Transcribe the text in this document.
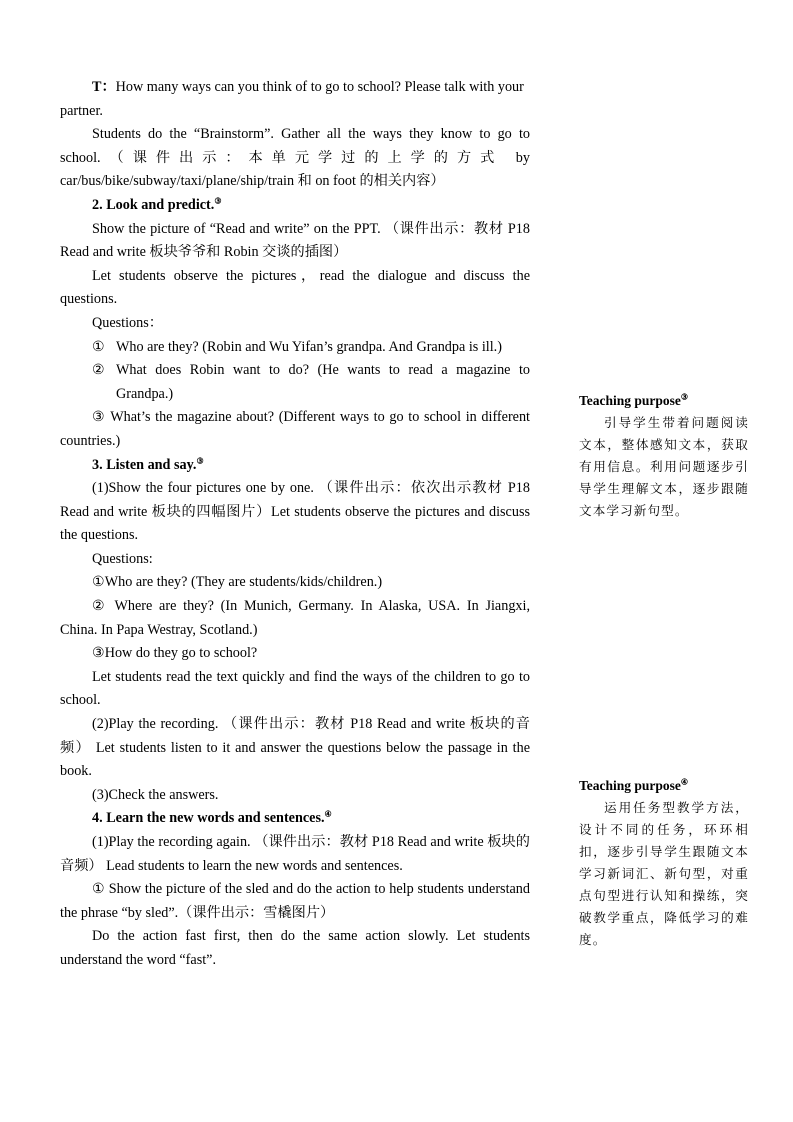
T：How many ways can you think of to go to school? Please talk with your partner.

Students do the “Brainstorm”. Gather all the ways they know to go to school.（课件出示：本单元学过的上学的方式 by car/bus/bike/subway/taxi/plane/ship/train 和 on foot 的相关内容）

2. Look and predict.③

Show the picture of “Read and write” on the PPT. （课件出示：教材 P18 Read and write 板块爷爷和 Robin 交谈的插图）

Let students observe the pictures，read the dialogue and discuss the questions.

Questions：

① Who are they? (Robin and Wu Yifan’s grandpa. And Grandpa is ill.)

② What does Robin want to do? (He wants to read a magazine to Grandpa.)

③ What’s the magazine about? (Different ways to go to school in different countries.)

3. Listen and say.③

(1)Show the four pictures one by one. （课件出示：依次出示教材 P18 Read and write 板块的四幅图片）Let students observe the pictures and discuss the questions.

Questions:

①Who are they? (They are students/kids/children.)

② Where are they? (In Munich, Germany. In Alaska, USA. In Jiangxi, China. In Papa Westray, Scotland.)

③How do they go to school?

Let students read the text quickly and find the ways of the children to go to school.

(2)Play the recording. （课件出示：教材 P18 Read and write 板块的音频） Let students listen to it and answer the questions below the passage in the book.

(3)Check the answers.

4. Learn the new words and sentences.④

(1)Play the recording again. （课件出示：教材 P18 Read and write 板块的音频） Lead students to learn the new words and sentences.

① Show the picture of the sled and do the action to help students understand the phrase “by sled”.（课件出示：雪橇图片）

Do the action fast first, then do the same action slowly. Let students understand the word “fast”.

Teaching purpose③
引导学生带着问题阅读文本，整体感知文本，获取有用信息。利用问题逐步引导学生理解文本，逐步跟随文本学习新句型。
Teaching purpose④
运用任务型教学方法，设计不同的任务，环环相扣，逐步引导学生跟随文本学习新词汇、新句型，对重点句型进行认知和操练，突破教学重点，降低学习的难度。
